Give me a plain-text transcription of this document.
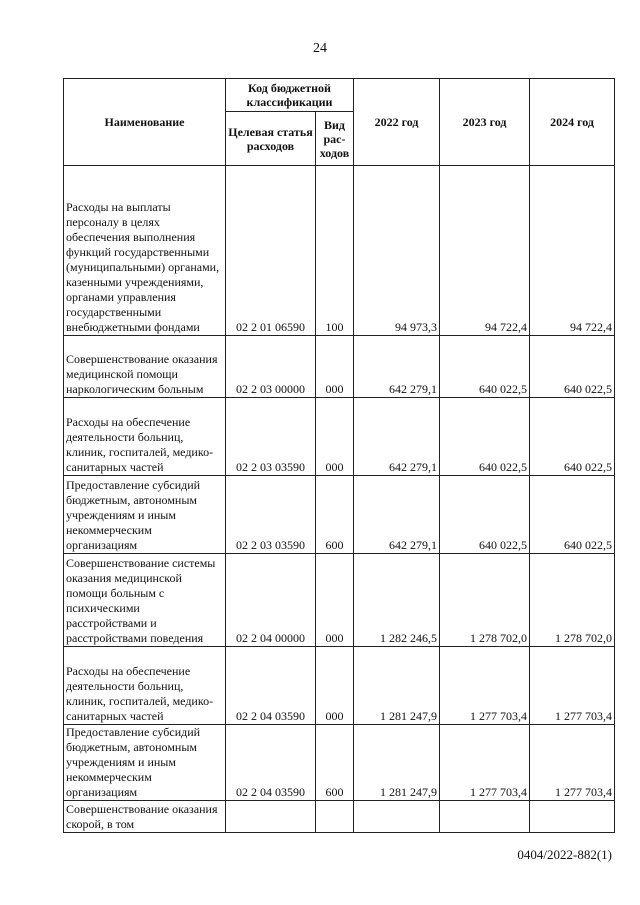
24
Наименование	Код бюджетной классификации		2022 год	2023 год	2024 год
	Целевая статья расходов	Вид рас-ходов			
Расходы на выплаты персоналу в целях обеспечения выполнения функций государственными (муниципальными) органами, казенными учреждениями, органами управления государственными внебюджетными фондами	02 2 01 06590	100	94 973,3	94 722,4	94 722,4
Совершенствование оказания медицинской помощи наркологическим больным	02 2 03 00000	000	642 279,1	640 022,5	640 022,5
Расходы на обеспечение деятельности больниц, клиник, госпиталей, медико-санитарных частей	02 2 03 03590	000	642 279,1	640 022,5	640 022,5
Предоставление субсидий бюджетным, автономным учреждениям и иным некоммерческим организациям	02 2 03 03590	600	642 279,1	640 022,5	640 022,5
Совершенствование системы оказания медицинской помощи больным с психическими расстройствами и расстройствами поведения	02 2 04 00000	000	1 282 246,5	1 278 702,0	1 278 702,0
Расходы на обеспечение деятельности больниц, клиник, госпиталей, медико-санитарных частей	02 2 04 03590	000	1 281 247,9	1 277 703,4	1 277 703,4
Предоставление субсидий бюджетным, автономным учреждениям и иным некоммерческим организациям	02 2 04 03590	600	1 281 247,9	1 277 703,4	1 277 703,4
Совершенствование оказания скорой, в том					
0404/2022-882(1)
